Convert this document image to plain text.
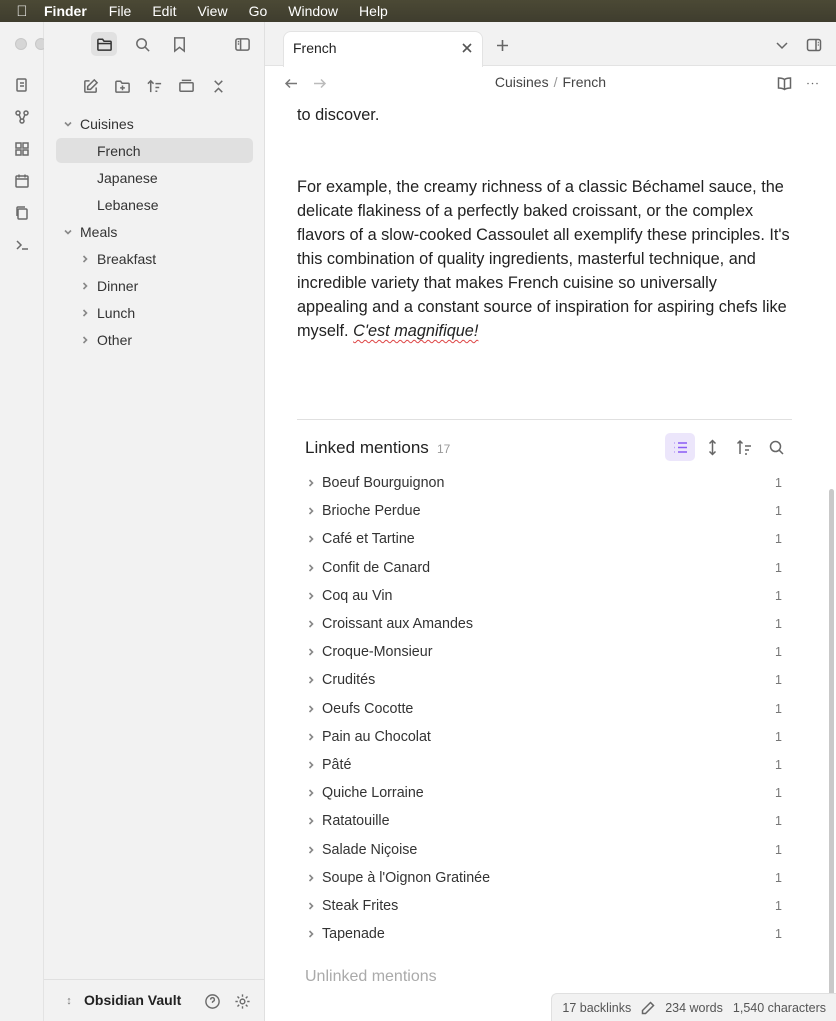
Finder File Edit View Go Window Help
Cuisines
French
Japanese
Lebanese
Meals
Breakfast
Dinner
Lunch
Other
↕ Obsidian Vault
French
Cuisines / French

to discover.

For example, the creamy richness of a classic Béchamel sauce, the delicate flakiness of a perfectly baked croissant, or the complex flavors of a slow-cooked Cassoulet all exemplify these principles. It's this combination of quality ingredients, masterful technique, and incredible variety that makes French cuisine so universally appealing and a constant source of inspiration for aspiring chefs like myself. C'est magnifique!

Linked mentions 17
Boeuf Bourguignon	1
Brioche Perdue	1
Café et Tartine	1
Confit de Canard	1
Coq au Vin	1
Croissant aux Amandes	1
Croque-Monsieur	1
Crudités	1
Oeufs Cocotte	1
Pain au Chocolat	1
Pâté	1
Quiche Lorraine	1
Ratatouille	1
Salade Niçoise	1
Soupe à l'Oignon Gratinée	1
Steak Frites	1
Tapenade	1
Unlinked mentions
17 backlinks	234 words 1,540 characters
